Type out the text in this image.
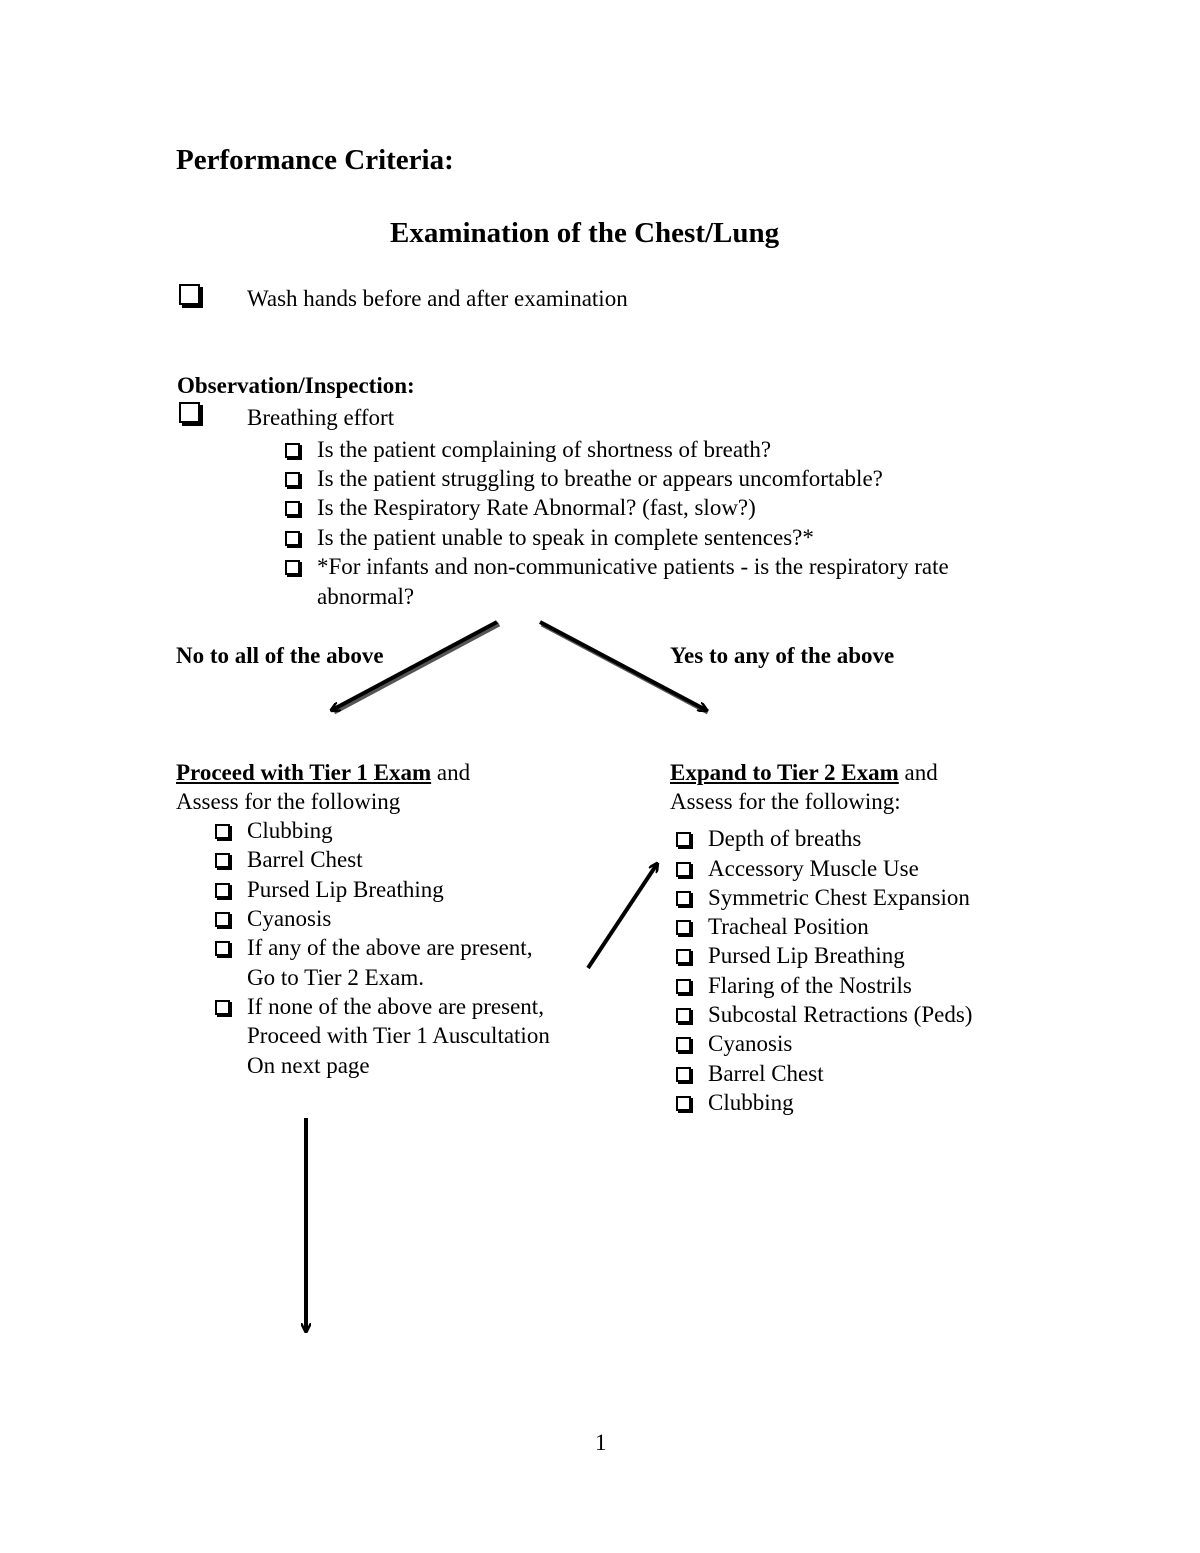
Performance Criteria:
Examination of the Chest/Lung
Wash hands before and after examination
Observation/Inspection:
Breathing effort
Is the patient complaining of shortness of breath?
Is the patient struggling to breathe or appears uncomfortable?
Is the Respiratory Rate Abnormal? (fast, slow?)
Is the patient unable to speak in complete sentences?*
*For infants and non-communicative patients - is the respiratory rate
abnormal?
No to all of the above	Yes to any of the above
Proceed with Tier 1 Exam and
Assess for the following
Clubbing
Barrel Chest
Pursed Lip Breathing
Cyanosis
If any of the above are present,
Go to Tier 2 Exam.
If none of the above are present,
Proceed with Tier 1 Auscultation
On next page
Expand to Tier 2 Exam and
Assess for the following:
Depth of breaths
Accessory Muscle Use
Symmetric Chest Expansion
Tracheal Position
Pursed Lip Breathing
Flaring of the Nostrils
Subcostal Retractions (Peds)
Cyanosis
Barrel Chest
Clubbing
1
